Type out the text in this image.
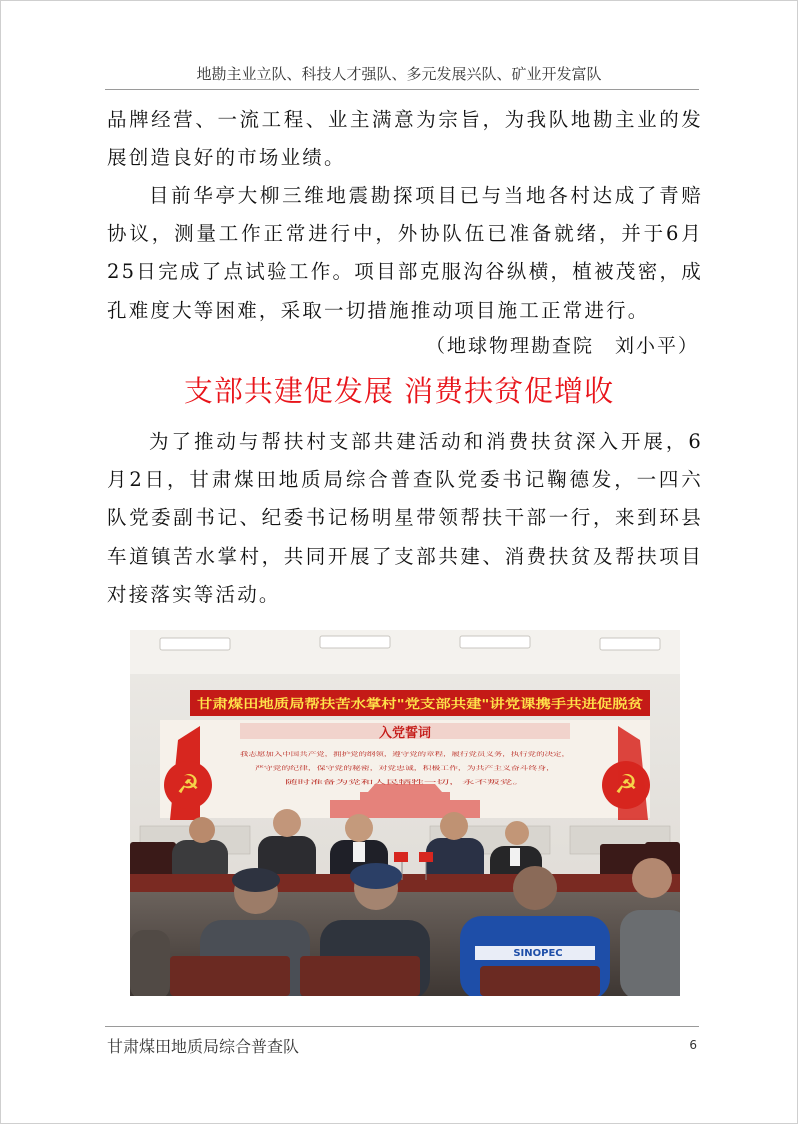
地勘主业立队、科技人才强队、多元发展兴队、矿业开发富队

品牌经营、一流工程、业主满意为宗旨，为我队地勘主业的发展创造良好的市场业绩。

目前华亭大柳三维地震勘探项目已与当地各村达成了青赔协议，测量工作正常进行中，外协队伍已准备就绪，并于6月25日完成了点试验工作。项目部克服沟谷纵横，植被茂密，成孔难度大等困难，采取一切措施推动项目施工正常进行。

（地球物理勘查院　刘小平）

支部共建促发展 消费扶贫促增收

为了推动与帮扶村支部共建活动和消费扶贫深入开展，6月2日，甘肃煤田地质局综合普查队党委书记鞠德发，一四六队党委副书记、纪委书记杨明星带领帮扶干部一行，来到环县车道镇苦水掌村，共同开展了支部共建、消费扶贫及帮扶项目对接落实等活动。

甘肃煤田地质局帮扶苦水掌村"党支部共建"讲党课携手共进促脱贫
☭	☭
入党誓词
我志愿加入中国共产党，拥护党的纲领，遵守党的章程，履行党员义务，执行党的决定，
严守党的纪律，保守党的秘密，对党忠诚，积极工作，为共产主义奋斗终身，
随时准备为党和人民牺牲一切，永不叛党。
SINOPEC

甘肃煤田地质局综合普查队	6
